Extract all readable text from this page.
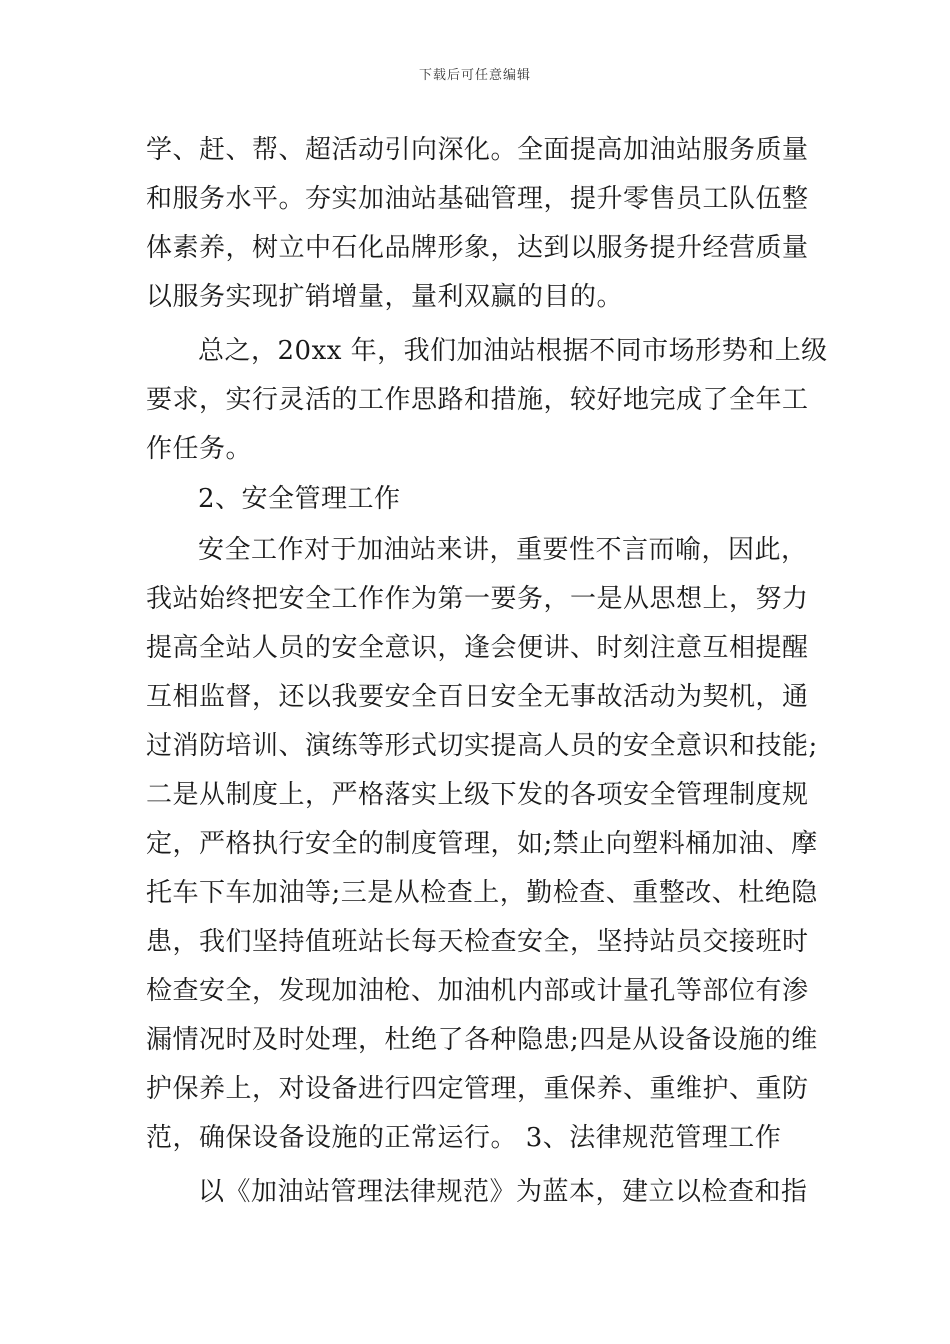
下载后可任意编辑
学、赶、帮、超活动引向深化。全面提高加油站服务质量
和服务水平。夯实加油站基础管理，提升零售员工队伍整
体素养，树立中石化品牌形象，达到以服务提升经营质量
以服务实现扩销增量，量利双赢的目的。
总之，20xx 年，我们加油站根据不同市场形势和上级
要求，实行灵活的工作思路和措施，较好地完成了全年工
作任务。
2、安全管理工作
安全工作对于加油站来讲，重要性不言而喻，因此，
我站始终把安全工作作为第一要务，一是从思想上，努力
提高全站人员的安全意识，逢会便讲、时刻注意互相提醒
互相监督，还以我要安全百日安全无事故活动为契机，通
过消防培训、演练等形式切实提高人员的安全意识和技能;
二是从制度上，严格落实上级下发的各项安全管理制度规
定，严格执行安全的制度管理，如;禁止向塑料桶加油、摩
托车下车加油等;三是从检查上，勤检查、重整改、杜绝隐
患，我们坚持值班站长每天检查安全，坚持站员交接班时
检查安全，发现加油枪、加油机内部或计量孔等部位有渗
漏情况时及时处理，杜绝了各种隐患;四是从设备设施的维
护保养上，对设备进行四定管理，重保养、重维护、重防
范，确保设备设施的正常运行。 3、法律规范管理工作
以《加油站管理法律规范》为蓝本，建立以检查和指
